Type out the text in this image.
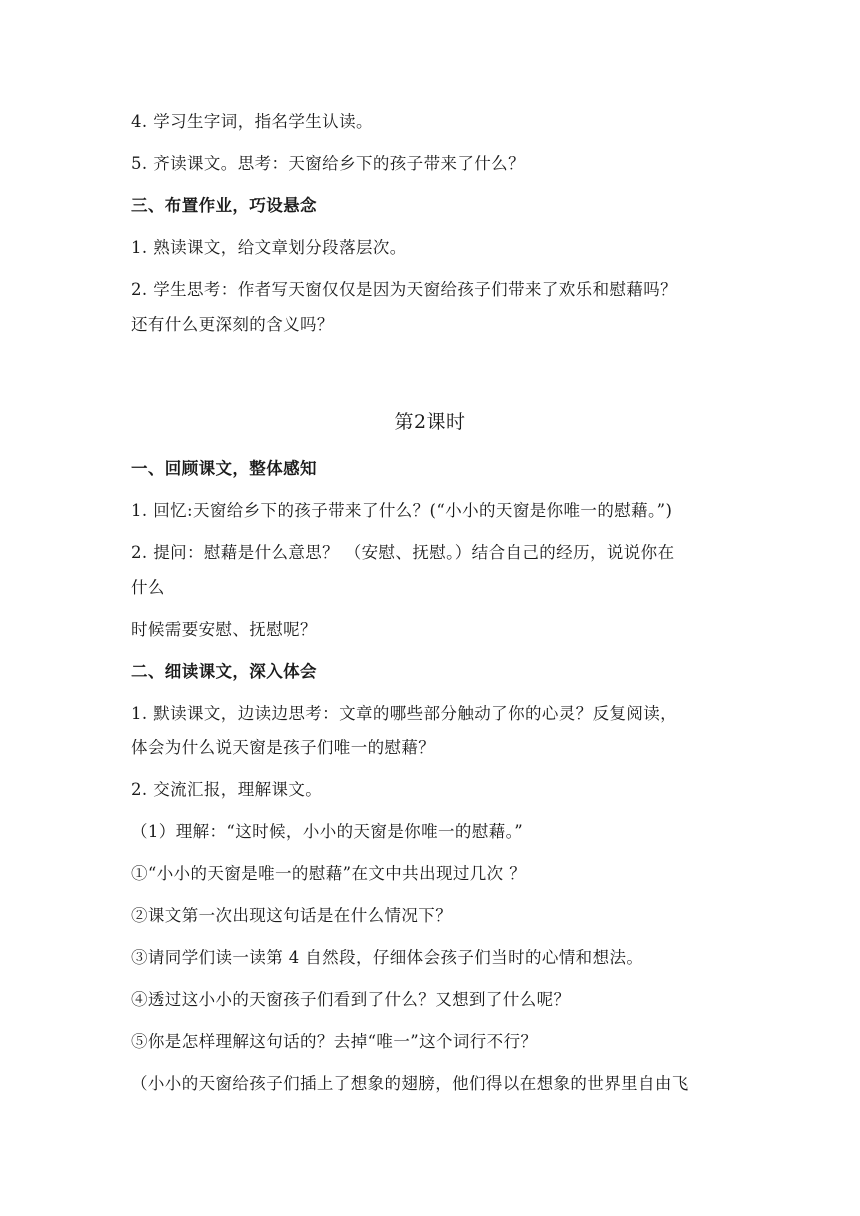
4. 学习生字词，指名学生认读。
5. 齐读课文。思考：天窗给乡下的孩子带来了什么？
三、布置作业，巧设悬念
1. 熟读课文，给文章划分段落层次。
2. 学生思考：作者写天窗仅仅是因为天窗给孩子们带来了欢乐和慰藉吗？
还有什么更深刻的含义吗？
第2课时
一、回顾课文，整体感知
1. 回忆:天窗给乡下的孩子带来了什么？(“小小的天窗是你唯一的慰藉。”)
2. 提问：慰藉是什么意思？ （安慰、抚慰。）结合自己的经历，说说你在
什么
时候需要安慰、抚慰呢？
二、细读课文，深入体会
1. 默读课文，边读边思考：文章的哪些部分触动了你的心灵？反复阅读，
体会为什么说天窗是孩子们唯一的慰藉？
2. 交流汇报，理解课文。
（1）理解：“这时候，小小的天窗是你唯一的慰藉。”
①“小小的天窗是唯一的慰藉”在文中共出现过几次 ？
②课文第一次出现这句话是在什么情况下？
③请同学们读一读第 4 自然段，仔细体会孩子们当时的心情和想法。
④透过这小小的天窗孩子们看到了什么？又想到了什么呢？
⑤你是怎样理解这句话的？去掉“唯一”这个词行不行？
（小小的天窗给孩子们插上了想象的翅膀，他们得以在想象的世界里自由飞
